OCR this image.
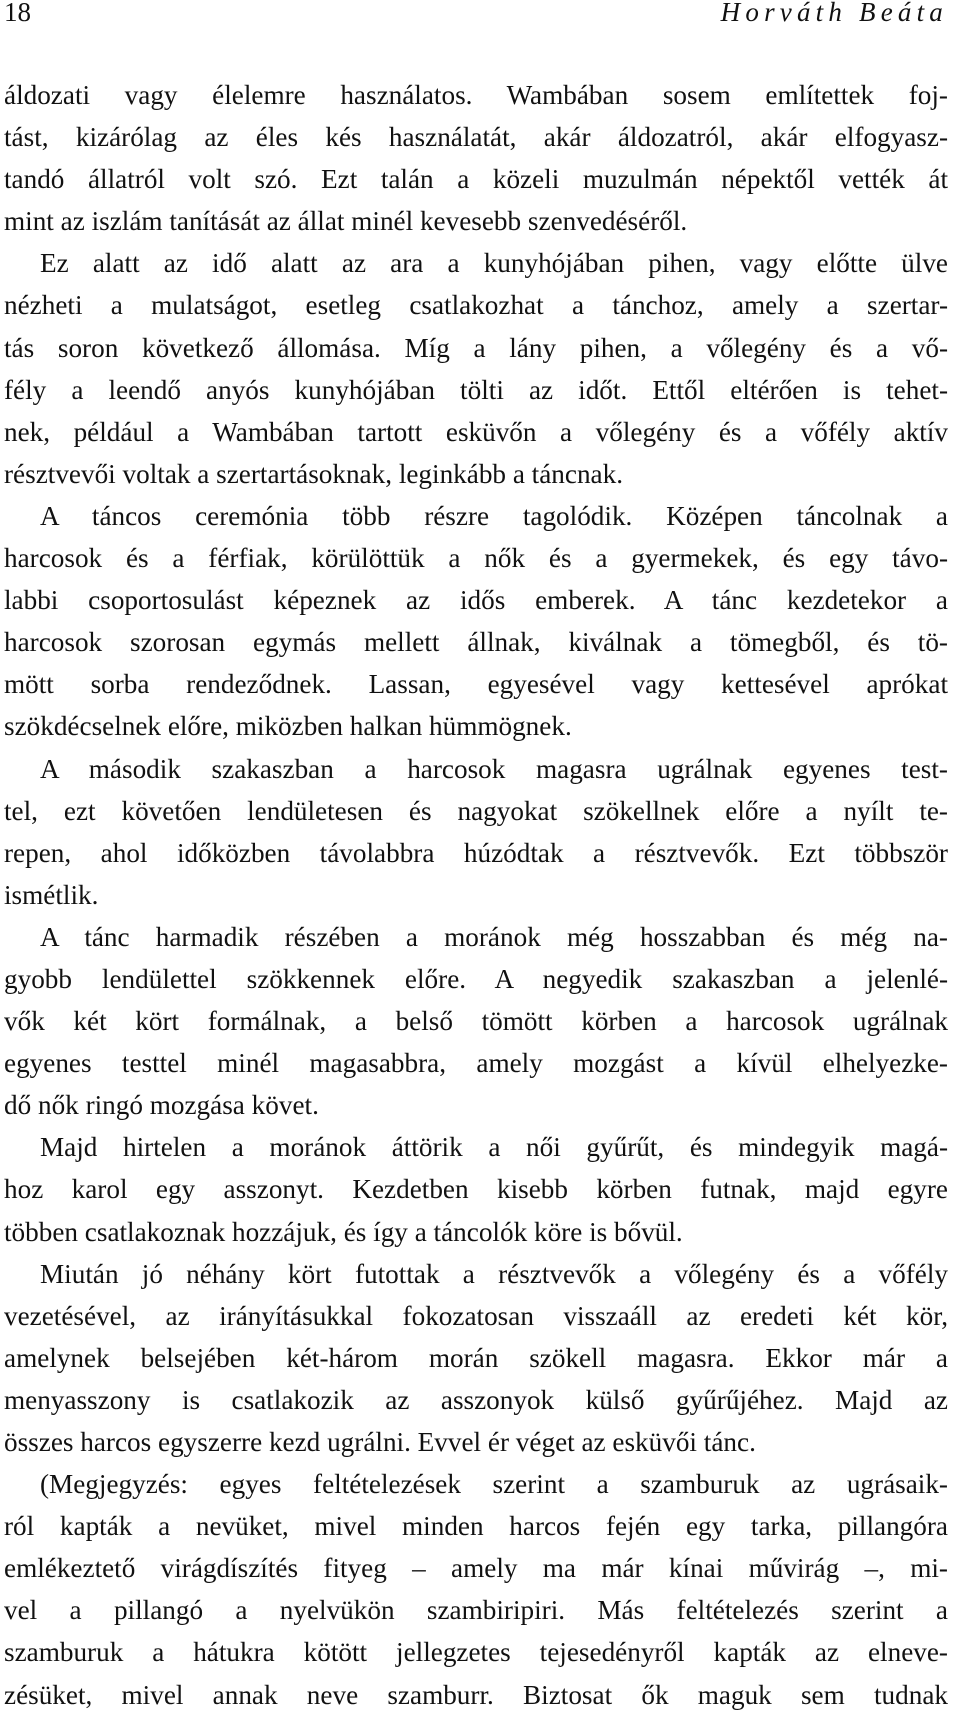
18	Horváth Beáta
áldozati vagy élelemre használatos. Wambában sosem említettek foj-
tást, kizárólag az éles kés használatát, akár áldozatról, akár elfogyasz-
tandó állatról volt szó. Ezt talán a közeli muzulmán népektől vették át
mint az iszlám tanítását az állat minél kevesebb szenvedéséről.
Ez alatt az idő alatt az ara a kunyhójában pihen, vagy előtte ülve
nézheti a mulatságot, esetleg csatlakozhat a tánchoz, amely a szertar-
tás soron következő állomása. Míg a lány pihen, a vőlegény és a vő-
fély a leendő anyós kunyhójában tölti az időt. Ettől eltérően is tehet-
nek, például a Wambában tartott esküvőn a vőlegény és a vőfély aktív
résztvevői voltak a szertartásoknak, leginkább a táncnak.
A táncos ceremónia több részre tagolódik. Középen táncolnak a
harcosok és a férfiak, körülöttük a nők és a gyermekek, és egy távo-
labbi csoportosulást képeznek az idős emberek. A tánc kezdetekor a
harcosok szorosan egymás mellett állnak, kiválnak a tömegből, és tö-
mött sorba rendeződnek. Lassan, egyesével vagy kettesével aprókat
szökdécselnek előre, miközben halkan hümmögnek.
A második szakaszban a harcosok magasra ugrálnak egyenes test-
tel, ezt követően lendületesen és nagyokat szökellnek előre a nyílt te-
repen, ahol időközben távolabbra húzódtak a résztvevők. Ezt többször
ismétlik.
A tánc harmadik részében a moránok még hosszabban és még na-
gyobb lendülettel szökkennek előre. A negyedik szakaszban a jelenlé-
vők két kört formálnak, a belső tömött körben a harcosok ugrálnak
egyenes testtel minél magasabbra, amely mozgást a kívül elhelyezke-
dő nők ringó mozgása követ.
Majd hirtelen a moránok áttörik a női gyűrűt, és mindegyik magá-
hoz karol egy asszonyt. Kezdetben kisebb körben futnak, majd egyre
többen csatlakoznak hozzájuk, és így a táncolók köre is bővül.
Miután jó néhány kört futottak a résztvevők a vőlegény és a vőfély
vezetésével, az irányításukkal fokozatosan visszaáll az eredeti két kör,
amelynek belsejében két-három morán szökell magasra. Ekkor már a
menyasszony is csatlakozik az asszonyok külső gyűrűjéhez. Majd az
összes harcos egyszerre kezd ugrálni. Evvel ér véget az esküvői tánc.
(Megjegyzés: egyes feltételezések szerint a szamburuk az ugrásaik-
ról kapták a nevüket, mivel minden harcos fején egy tarka, pillangóra
emlékeztető virágdíszítés fityeg – amely ma már kínai művirág –, mi-
vel a pillangó a nyelvükön szambiripiri. Más feltételezés szerint a
szamburuk a hátukra kötött jellegzetes tejesedényről kapták az elneve-
zésüket, mivel annak neve szamburr. Biztosat ők maguk sem tudnak
